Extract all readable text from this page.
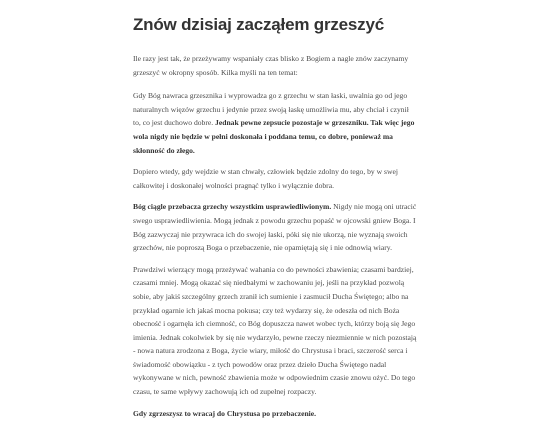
Znów dzisiaj zacząłem grzeszyć

Ile razy jest tak, że przeżywamy wspaniały czas blisko z Bogiem a nagle znów zaczynamy grzeszyć w okropny sposób. Kilka myśli na ten temat:

Gdy Bóg nawraca grzesznika i wyprowadza go z grzechu w stan łaski, uwalnia go od jego naturalnych więzów grzechu i jedynie przez swoją łaskę umożliwia mu, aby chciał i czynił to, co jest duchowo dobre. Jednak pewne zepsucie pozostaje w grzeszniku. Tak więc jego wola nigdy nie będzie w pełni doskonała i poddana temu, co dobre, ponieważ ma skłonność do złego.

Dopiero wtedy, gdy wejdzie w stan chwały, człowiek będzie zdolny do tego, by w swej całkowitej i doskonałej wolności pragnąć tylko i wyłącznie dobra.

Bóg ciągle przebacza grzechy wszystkim usprawiedliwionym. Nigdy nie mogą oni utracić swego usprawiedliwienia. Mogą jednak z powodu grzechu popaść w ojcowski gniew Boga. I Bóg zazwyczaj nie przywraca ich do swojej łaski, póki się nie ukorzą, nie wyznają swoich grzechów, nie poproszą Boga o przebaczenie, nie opamiętają się i nie odnowią wiary.

Prawdziwi wierzący mogą przeżywać wahania co do pewności zbawienia; czasami bardziej, czasami mniej. Mogą okazać się niedbałymi w zachowaniu jej, jeśli na przykład pozwolą sobie, aby jakiś szczególny grzech zranił ich sumienie i zasmucił Ducha Świętego; albo na przykład ogarnie ich jakaś mocna pokusa; czy też wydarzy się, że odeszła od nich Boża obecność i ogarnęła ich ciemność, co Bóg dopuszcza nawet wobec tych, którzy boją się Jego imienia. Jednak cokolwiek by się nie wydarzyło, pewne rzeczy niezmiennie w nich pozostają - nowa natura zrodzona z Boga, życie wiary, miłość do Chrystusa i braci, szczerość serca i świadomość obowiązku - z tych powodów oraz przez dzieło Ducha Świętego nadal wykonywane w nich, pewność zbawienia może w odpowiednim czasie znowu ożyć. Do tego czasu, te same wpływy zachowują ich od zupełnej rozpaczy.

Gdy zgrzeszysz to wracaj do Chrystusa po przebaczenie.
